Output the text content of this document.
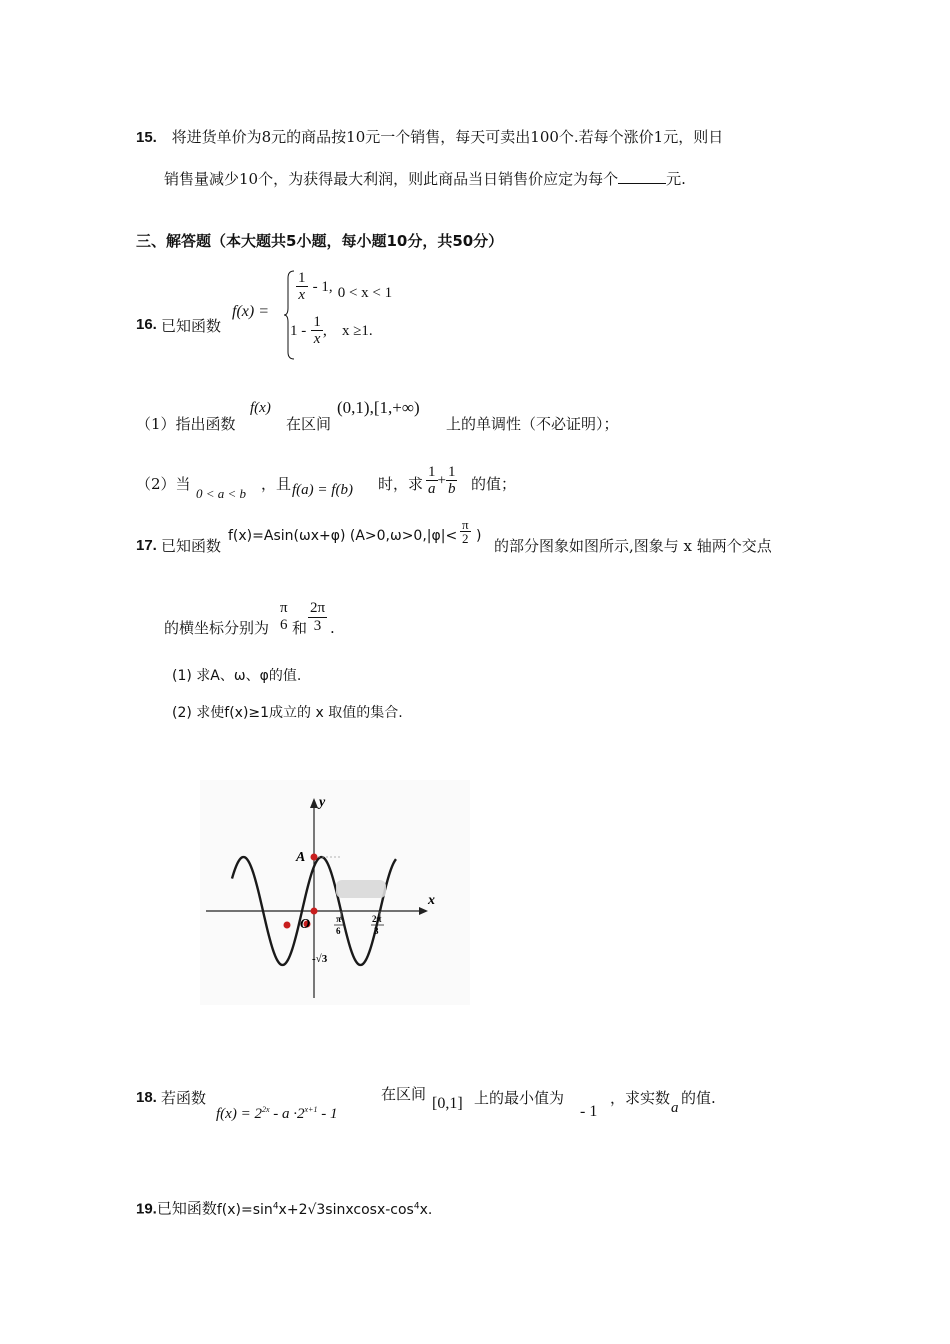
15. 将进货单价为8元的商品按10元一个销售，每天可卖出100个.若每个涨价1元，则日
销售量减少10个，为获得最大利润，则此商品当日销售价应定为每个	元.
三、解答题（本大题共5小题，每小题10分，共50分）
16. 已知函数
f(x) =
$\frac{1}{x} - 1$, 0 < x < 1
$1 - \frac{1}{x}$ , x ≥1.
（1）指出函数
f(x)
在区间
(0,1),[1,+∞)
上的单调性（不必证明）；
（2）当
0 < a < b
，且 f(a) = f(b) 时，求 $\frac{1}{a} + \frac{1}{b}$ 的值；
17. 已知函数
f(x)=Asin(ωx+φ) ($A>0,\omega>0,|\varphi|< \frac{\pi}{2}$ )
的部分图象如图所示,图象与 x 轴两个交点
的横坐标分别为
π
6 和 $\frac{2\pi}{3}$ .
(1) 求A、ω、φ的值.
(2) 求使f(x)≥1成立的 x 取值的集合.
y
x
A
O	π
6
2π
3
-√3
18. 若函数
$f(x) = 2^{2x} - a \cdot 2^{x+1} - 1$
在区间
[0,1] 上的最小值为
- 1
，求实数
a
的值.
19.已知函数$f(x)=\sin^4x+2√3sinxcosx-\cos^4x$.
